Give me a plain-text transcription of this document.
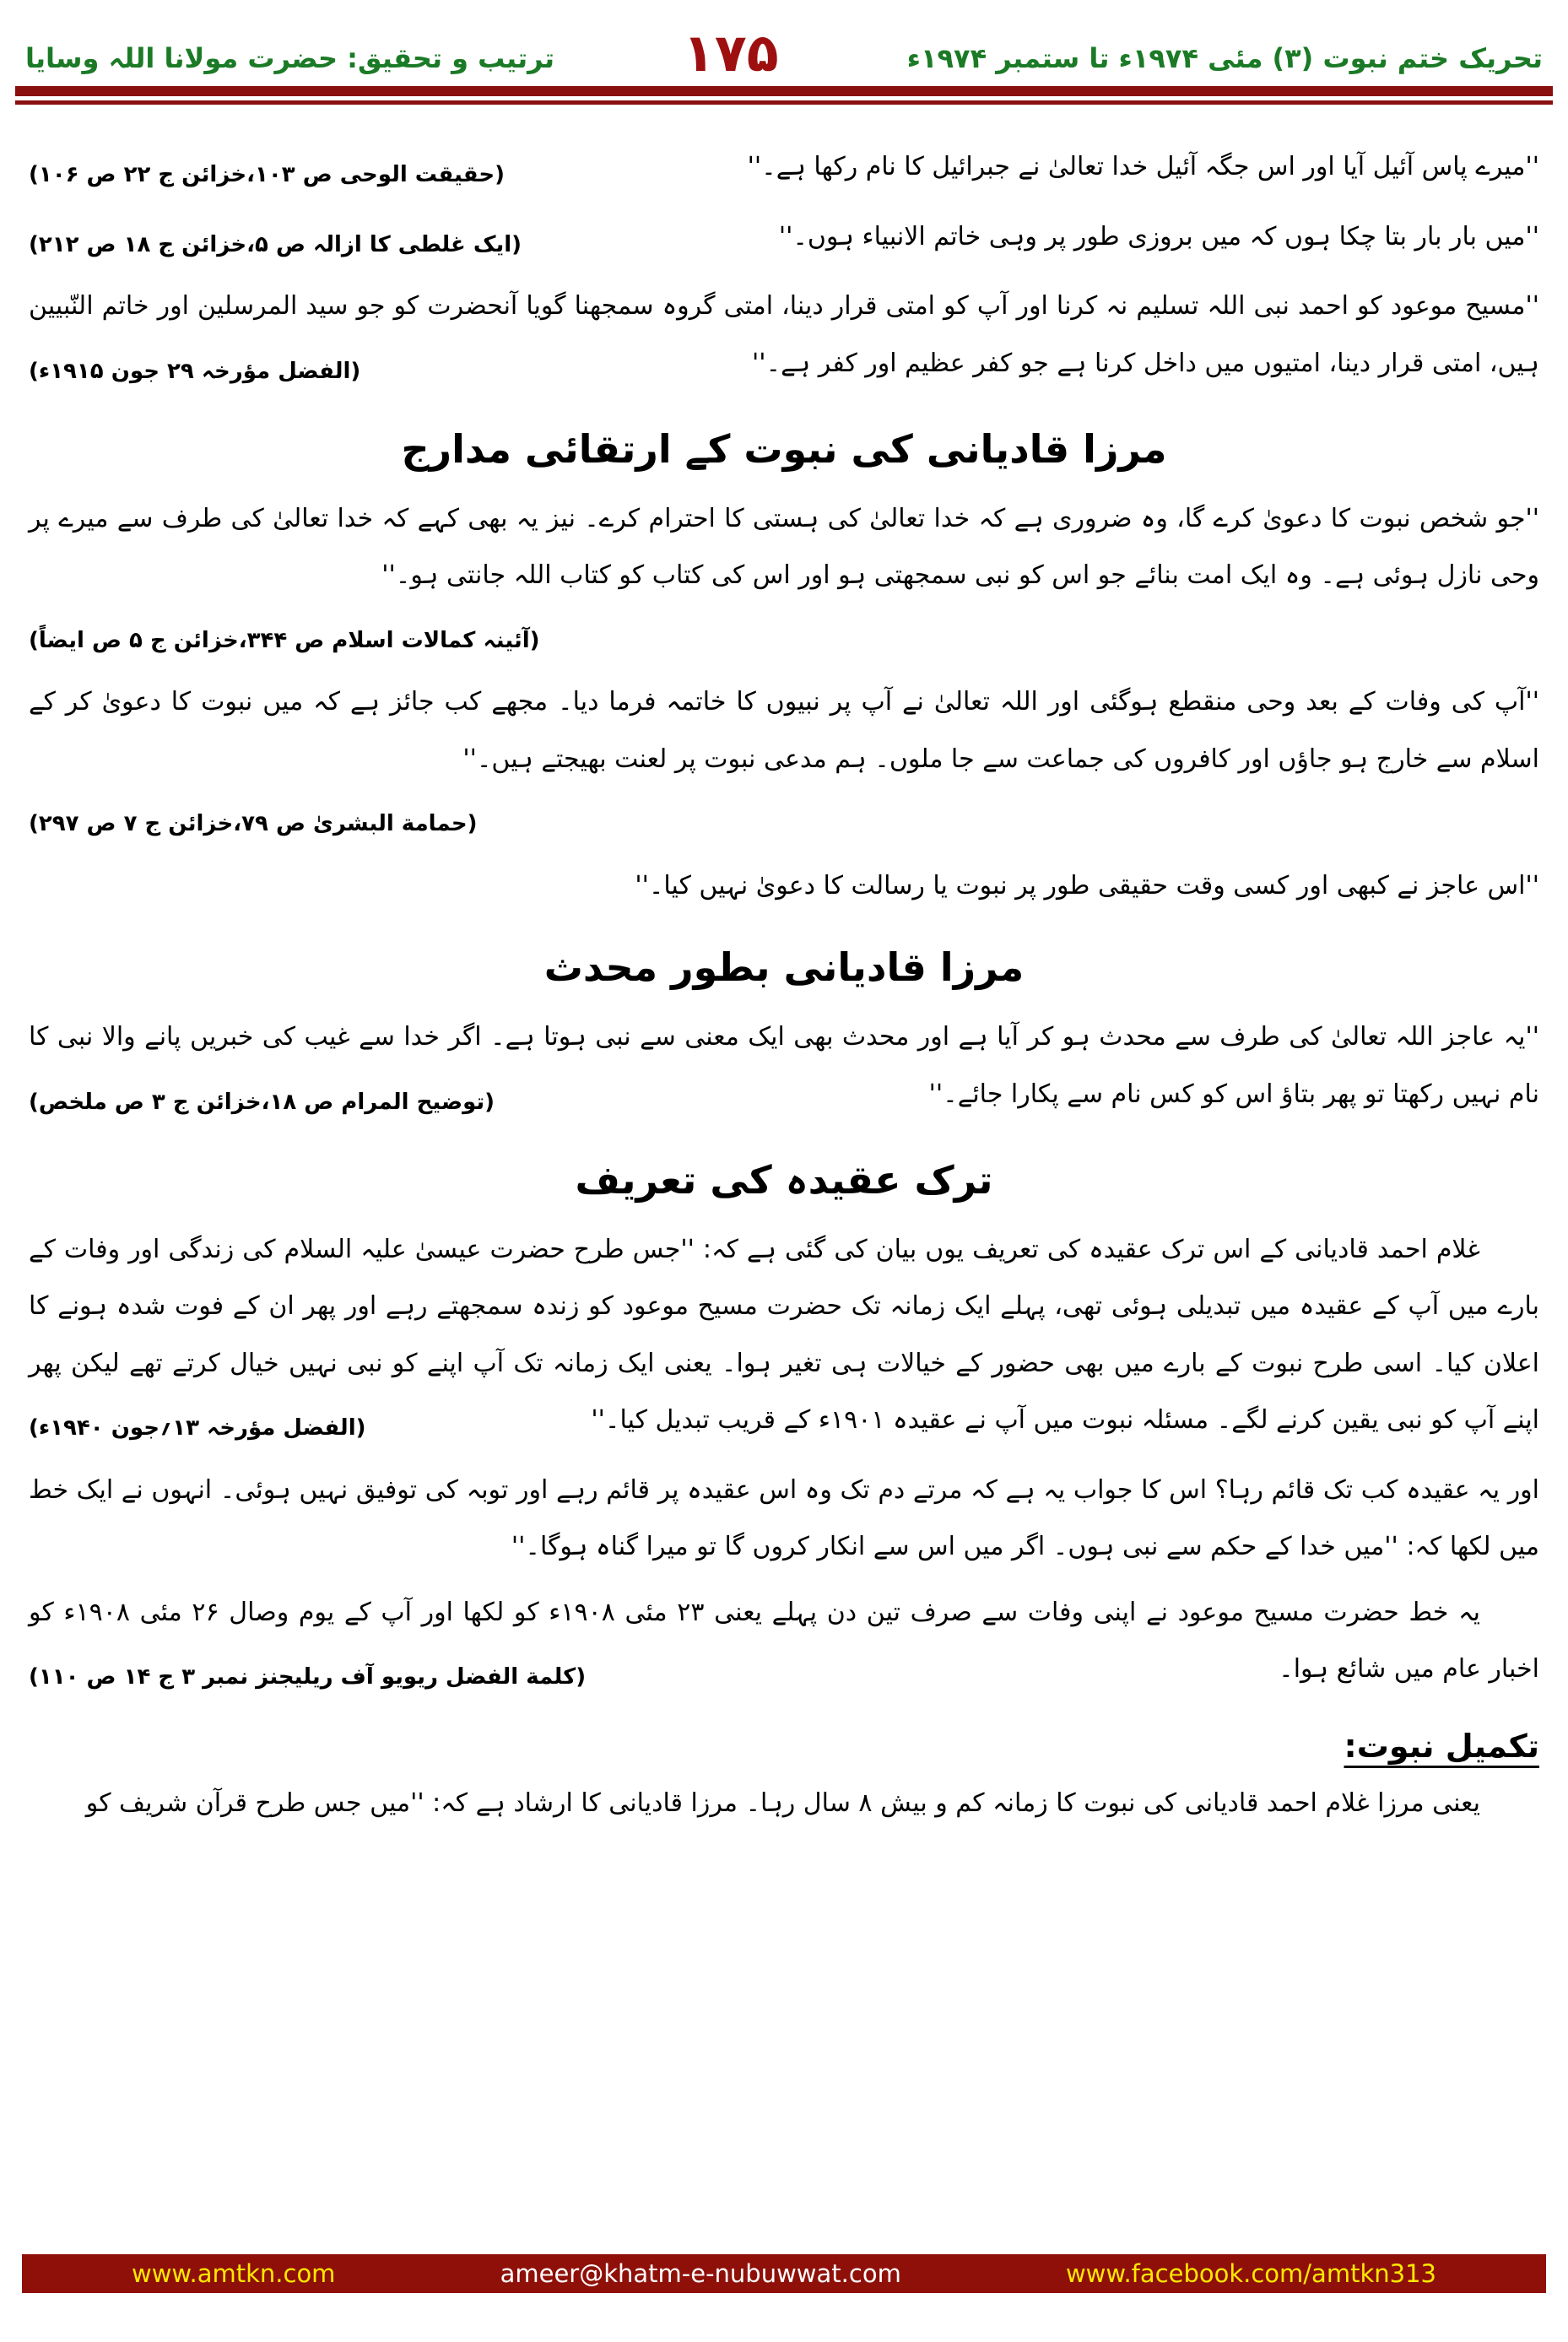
ترتیب و تحقیق: حضرت مولانا اللہ وسایا ۱۷۵	تحریک ختم نبوت (۳) مئی ۱۹۷۴ء تا ستمبر ۱۹۷۴ء

''میرے پاس آئیل آیا اور اس جگہ آئیل خدا تعالیٰ نے جبرائیل کا نام رکھا ہے۔''
(حقیقت الوحی ص ۱۰۳،خزائن ج ۲۲ ص ۱۰۶)

''میں بار بار بتا چکا ہوں کہ میں بروزی طور پر وہی خاتم الانبیاء ہوں۔''
(ایک غلطی کا ازالہ ص ۵،خزائن ج ۱۸ ص ۲۱۲)

''مسیح موعود کو احمد نبی اللہ تسلیم نہ کرنا اور آپ کو امتی قرار دینا، امتی گروہ سمجھنا گویا آنحضرت کو جو سید المرسلین اور خاتم النّبیین ہیں، امتی قرار دینا، امتیوں میں داخل کرنا ہے جو کفر عظیم اور کفر ہے۔''
(الفضل مؤرخہ ۲۹ جون ۱۹۱۵ء)

مرزا قادیانی کی نبوت کے ارتقائی مدارج

''جو شخص نبوت کا دعویٰ کرے گا، وہ ضروری ہے کہ خدا تعالیٰ کی ہستی کا احترام کرے۔ نیز یہ بھی کہے کہ خدا تعالیٰ کی طرف سے میرے پر وحی نازل ہوئی ہے۔ وہ ایک امت بنائے جو اس کو نبی سمجھتی ہو اور اس کی کتاب کو کتاب اللہ جانتی ہو۔''
(آئینہ کمالات اسلام ص ۳۴۴،خزائن ج ۵ ص ایضاً)

''آپ کی وفات کے بعد وحی منقطع ہوگئی اور اللہ تعالیٰ نے آپ پر نبیوں کا خاتمہ فرما دیا۔ مجھے کب جائز ہے کہ میں نبوت کا دعویٰ کر کے اسلام سے خارج ہو جاؤں اور کافروں کی جماعت سے جا ملوں۔ ہم مدعی نبوت پر لعنت بھیجتے ہیں۔''
(حمامة البشریٰ ص ۷۹،خزائن ج ۷ ص ۲۹۷)

''اس عاجز نے کبھی اور کسی وقت حقیقی طور پر نبوت یا رسالت کا دعویٰ نہیں کیا۔''

مرزا قادیانی بطور محدث

''یہ عاجز اللہ تعالیٰ کی طرف سے محدث ہو کر آیا ہے اور محدث بھی ایک معنی سے نبی ہوتا ہے۔ اگر خدا سے غیب کی خبریں پانے والا نبی کا نام نہیں رکھتا تو پھر بتاؤ اس کو کس نام سے پکارا جائے۔''
(توضیح المرام ص ۱۸،خزائن ج ۳ ص ملخص)

ترک عقیدہ کی تعریف

غلام احمد قادیانی کے اس ترک عقیدہ کی تعریف یوں بیان کی گئی ہے کہ: ''جس طرح حضرت عیسیٰ علیہ السلام کی زندگی اور وفات کے بارے میں آپ کے عقیدہ میں تبدیلی ہوئی تھی، پہلے ایک زمانہ تک حضرت مسیح موعود کو زندہ سمجھتے رہے اور پھر ان کے فوت شدہ ہونے کا اعلان کیا۔ اسی طرح نبوت کے بارے میں بھی حضور کے خیالات ہی تغیر ہوا۔ یعنی ایک زمانہ تک آپ اپنے کو نبی نہیں خیال کرتے تھے لیکن پھر اپنے آپ کو نبی یقین کرنے لگے۔ مسئلہ نبوت میں آپ نے عقیدہ ۱۹۰۱ء کے قریب تبدیل کیا۔''
(الفضل مؤرخہ ۱۳؍جون ۱۹۴۰ء)

اور یہ عقیدہ کب تک قائم رہا؟ اس کا جواب یہ ہے کہ مرتے دم تک وہ اس عقیدہ پر قائم رہے اور توبہ کی توفیق نہیں ہوئی۔ انہوں نے ایک خط میں لکھا کہ: ''میں خدا کے حکم سے نبی ہوں۔ اگر میں اس سے انکار کروں گا تو میرا گناہ ہوگا۔''

یہ خط حضرت مسیح موعود نے اپنی وفات سے صرف تین دن پہلے یعنی ۲۳ مئی ۱۹۰۸ء کو لکھا اور آپ کے یوم وصال ۲۶ مئی ۱۹۰۸ء کو اخبار عام میں شائع ہوا۔
(کلمة الفضل ریویو آف ریلیجنز نمبر ۳ ج ۱۴ ص ۱۱۰)

تکمیل نبوت:

یعنی مرزا غلام احمد قادیانی کی نبوت کا زمانہ کم و بیش ۸ سال رہا۔ مرزا قادیانی کا ارشاد ہے کہ: ''میں جس طرح قرآن شریف کو

www.amtkn.com	ameer@khatm-e-nubuwwat.com	www.facebook.com/amtkn313
